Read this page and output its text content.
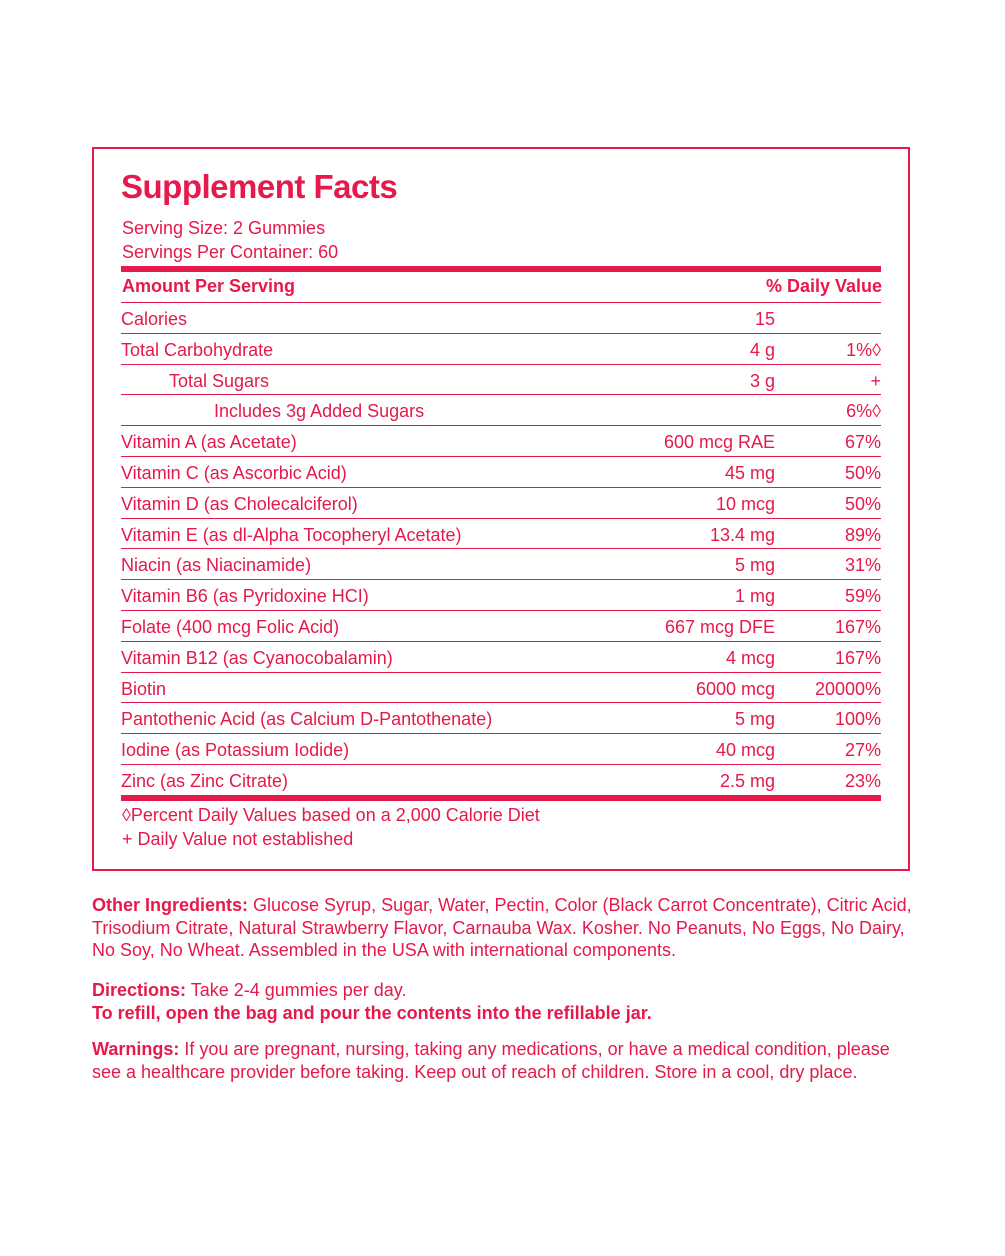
Supplement Facts
Serving Size: 2 Gummies
Servings Per Container: 60
Amount Per Serving	% Daily Value
Calories	15
Total Carbohydrate	4 g	1%◊
Total Sugars	3 g	+
Includes 3g Added Sugars	6%◊
Vitamin A (as Acetate)	600 mcg RAE	67%
Vitamin C (as Ascorbic Acid)	45 mg	50%
Vitamin D (as Cholecalciferol)	10 mcg	50%
Vitamin E (as dl-Alpha Tocopheryl Acetate)	13.4 mg	89%
Niacin (as Niacinamide)	5 mg	31%
Vitamin B6 (as Pyridoxine HCI)	1 mg	59%
Folate (400 mcg Folic Acid)	667 mcg DFE	167%
Vitamin B12 (as Cyanocobalamin)	4 mcg	167%
Biotin	6000 mcg 20000%
Pantothenic Acid (as Calcium D-Pantothenate)	5 mg	100%
Iodine (as Potassium Iodide)	40 mcg	27%
Zinc (as Zinc Citrate)	2.5 mg	23%
◊Percent Daily Values based on a 2,000 Calorie Diet
+ Daily Value not established
Other Ingredients: Glucose Syrup, Sugar, Water, Pectin, Color (Black Carrot Concentrate), Citric Acid, Trisodium Citrate, Natural Strawberry Flavor, Carnauba Wax. Kosher. No Peanuts, No Eggs, No Dairy, No Soy, No Wheat. Assembled in the USA with international components.
Directions: Take 2-4 gummies per day.
To refill, open the bag and pour the contents into the refillable jar.
Warnings: If you are pregnant, nursing, taking any medications, or have a medical condition, please see a healthcare provider before taking. Keep out of reach of children. Store in a cool, dry place.
